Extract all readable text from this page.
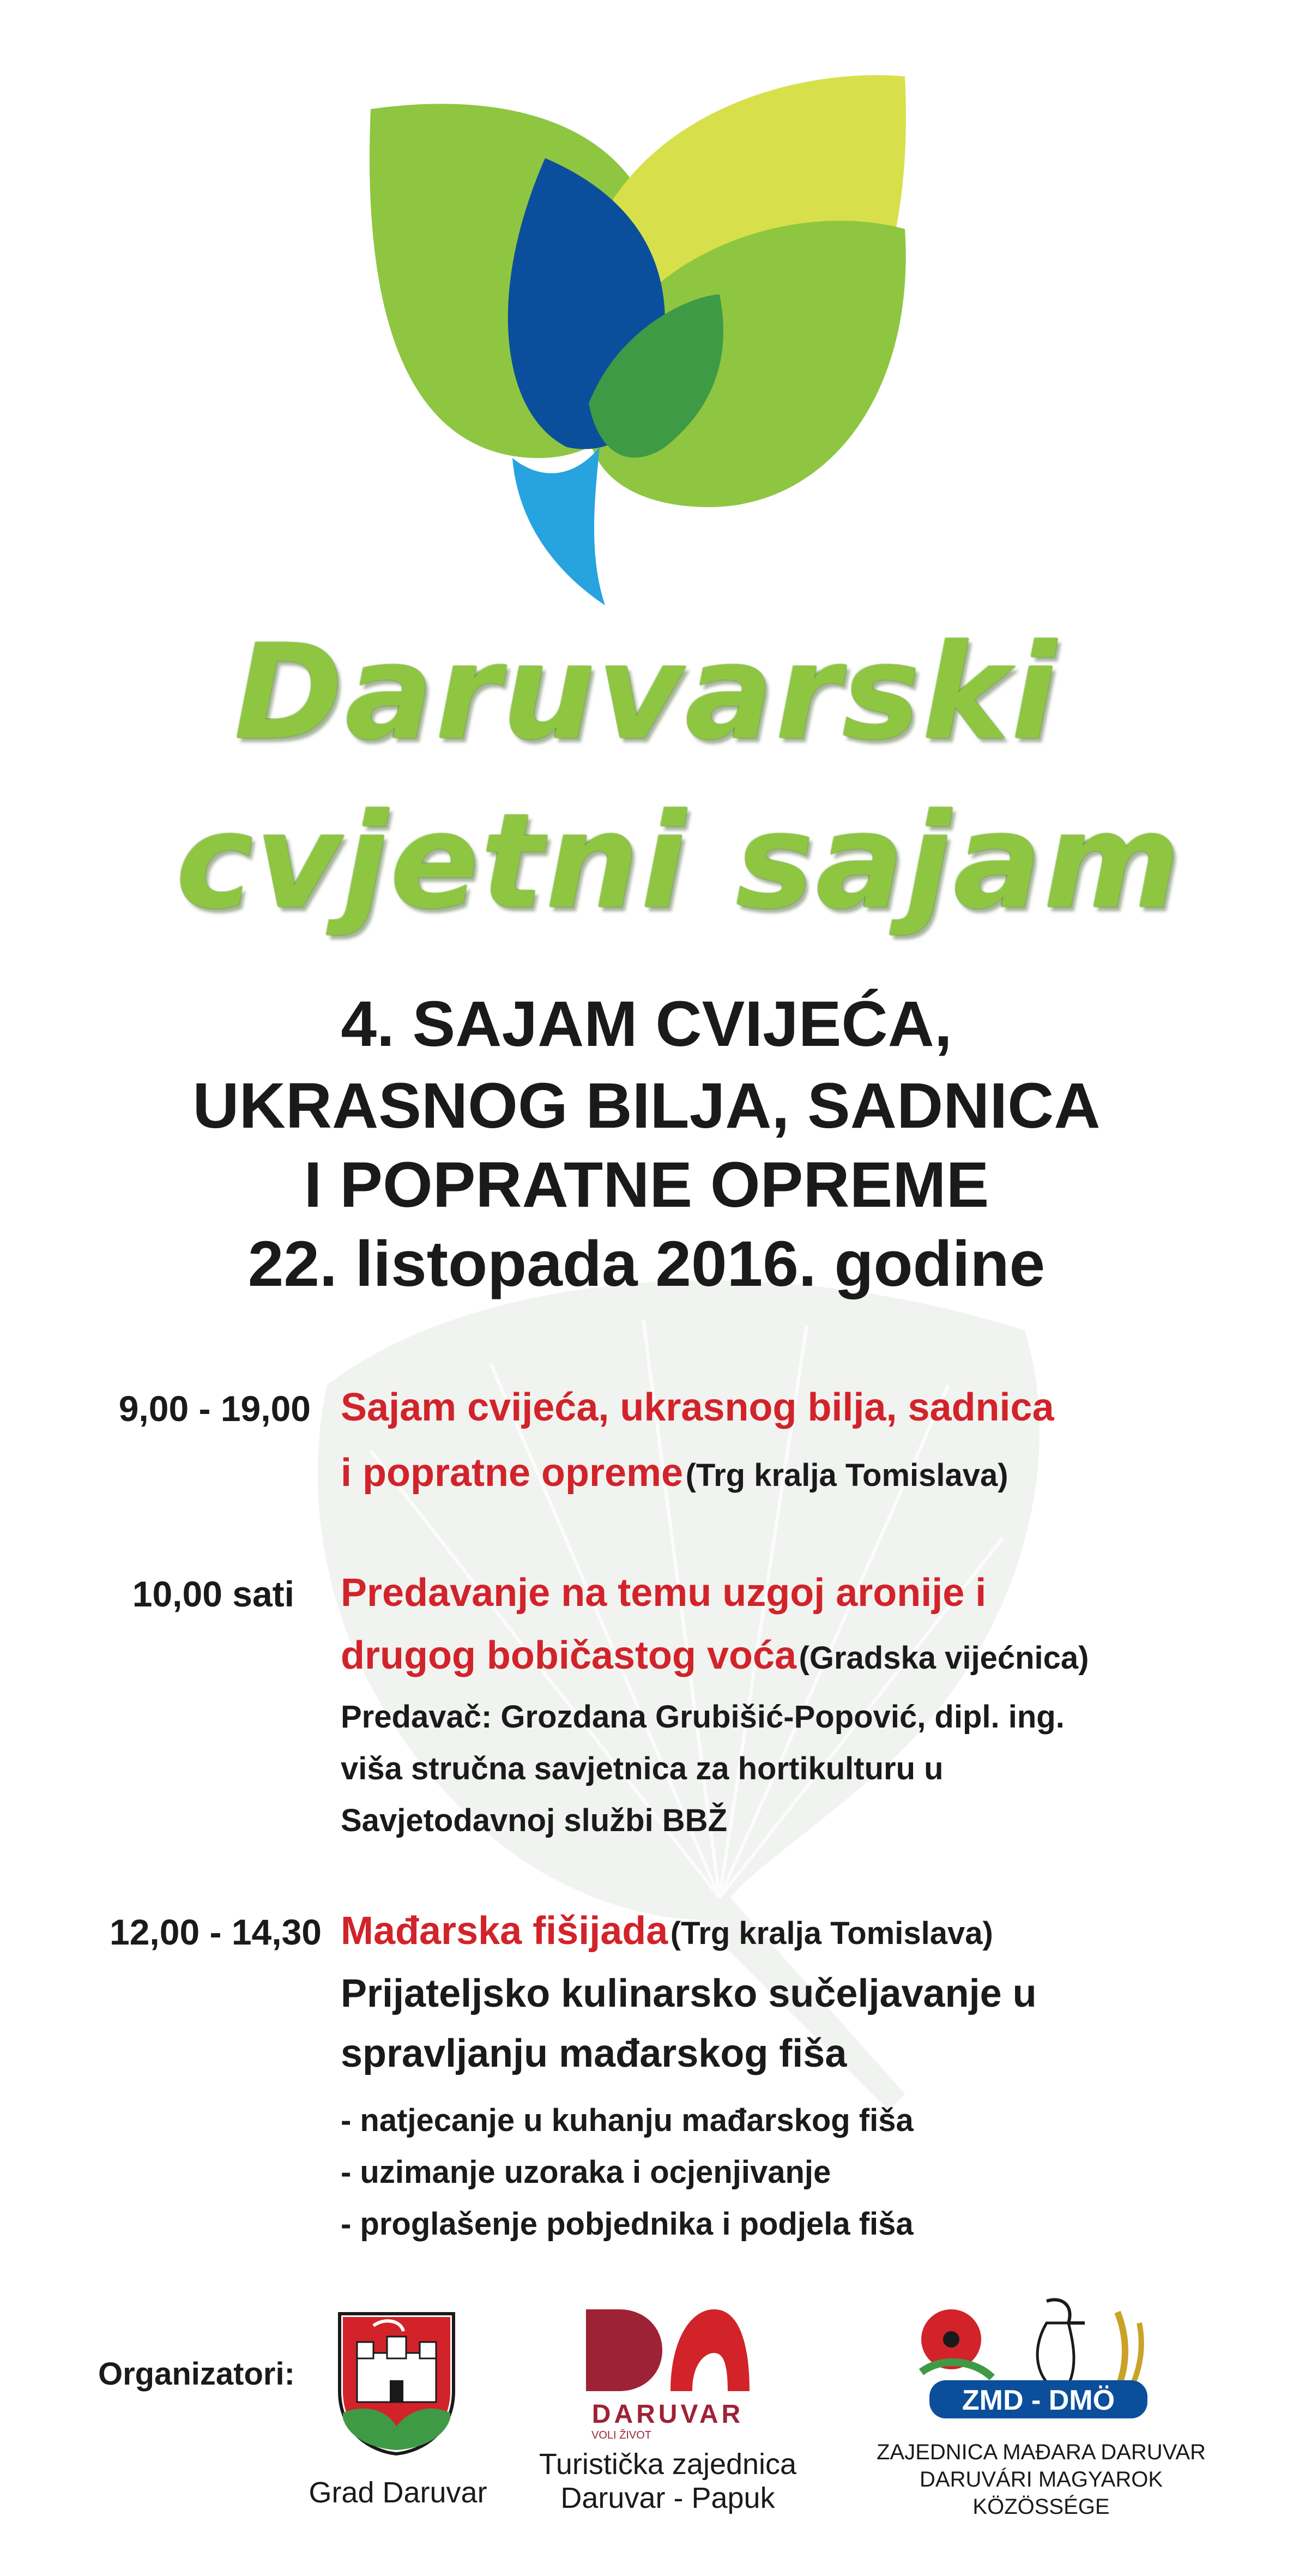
Daruvarski
cvjetni sajam
4. SAJAM CVIJEĆA,
UKRASNOG BILJA, SADNICA
I POPRATNE OPREME
22. listopada 2016. godine
9,00 - 19,00 Sajam cvijeća, ukrasnog bilja, sadnica
i popratne opreme (Trg kralja Tomislava)
10,00 sati Predavanje na temu uzgoj aronije i
drugog bobičastog voća (Gradska vijećnica)
Predavač: Grozdana Grubišić-Popović, dipl. ing.
viša stručna savjetnica za hortikulturu u
Savjetodavnoj službi BBŽ
12,00 - 14,30 Mađarska fišijada (Trg kralja Tomislava)
Prijateljsko kulinarsko sučeljavanje u
spravljanju mađarskog fiša
- natjecanje u kuhanju mađarskog fiša
- uzimanje uzoraka i ocjenjivanje
- proglašenje pobjednika i podjela fiša
Organizatori:
Grad Daruvar
DARUVAR
VOLI ŽIVOT
Turistička zajednica
Daruvar - Papuk
ZMD - DMÖ
ZAJEDNICA MAĐARA DARUVAR
DARUVÁRI MAGYAROK
KÖZÖSSÉGE
